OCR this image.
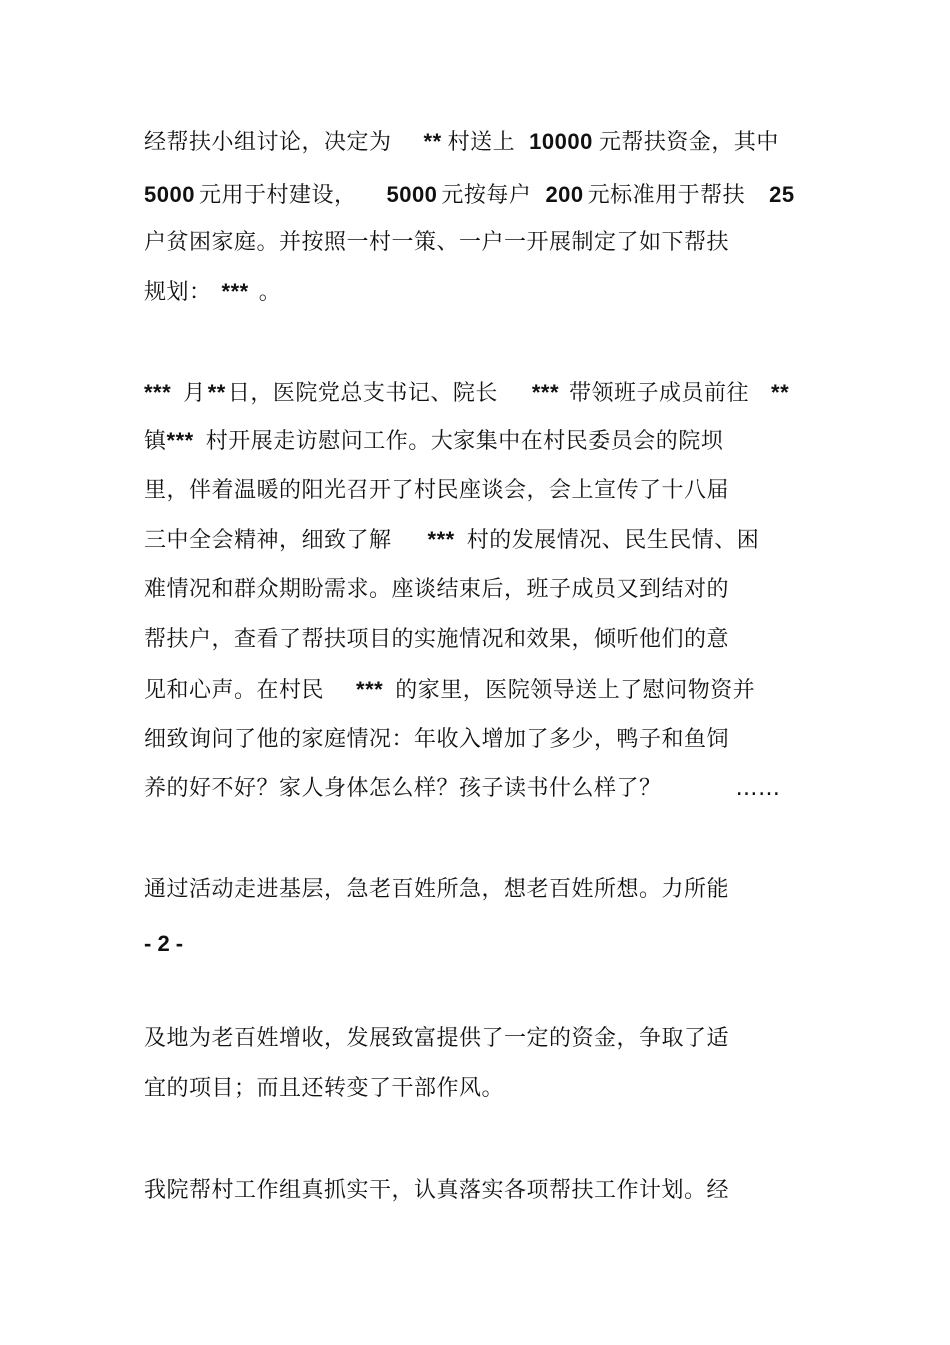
经帮扶小组讨论，决定为 ** 村送上 10000 元帮扶资金，其中
5000 元用于村建设， 5000 元按每户 200 元标准用于帮扶 25
户贫困家庭。并按照一村一策、一户一开展制定了如下帮扶
规划： *** 。
*** 月**日，医院党总支书记、院长 *** 带领班子成员前往 **
镇*** 村开展走访慰问工作。大家集中在村民委员会的院坝
里，伴着温暖的阳光召开了村民座谈会，会上宣传了十八届
三中全会精神，细致了解 *** 村的发展情况、民生民情、困
难情况和群众期盼需求。座谈结束后，班子成员又到结对的
帮扶户，查看了帮扶项目的实施情况和效果，倾听他们的意
见和心声。在村民 *** 的家里，医院领导送上了慰问物资并
细致询问了他的家庭情况：年收入增加了多少，鸭子和鱼饲
养的好不好？家人身体怎么样？孩子读书什么样了？	……
通过活动走进基层，急老百姓所急，想老百姓所想。力所能
- 2 -
及地为老百姓增收，发展致富提供了一定的资金，争取了适
宜的项目；而且还转变了干部作风。
我院帮村工作组真抓实干，认真落实各项帮扶工作计划。经
